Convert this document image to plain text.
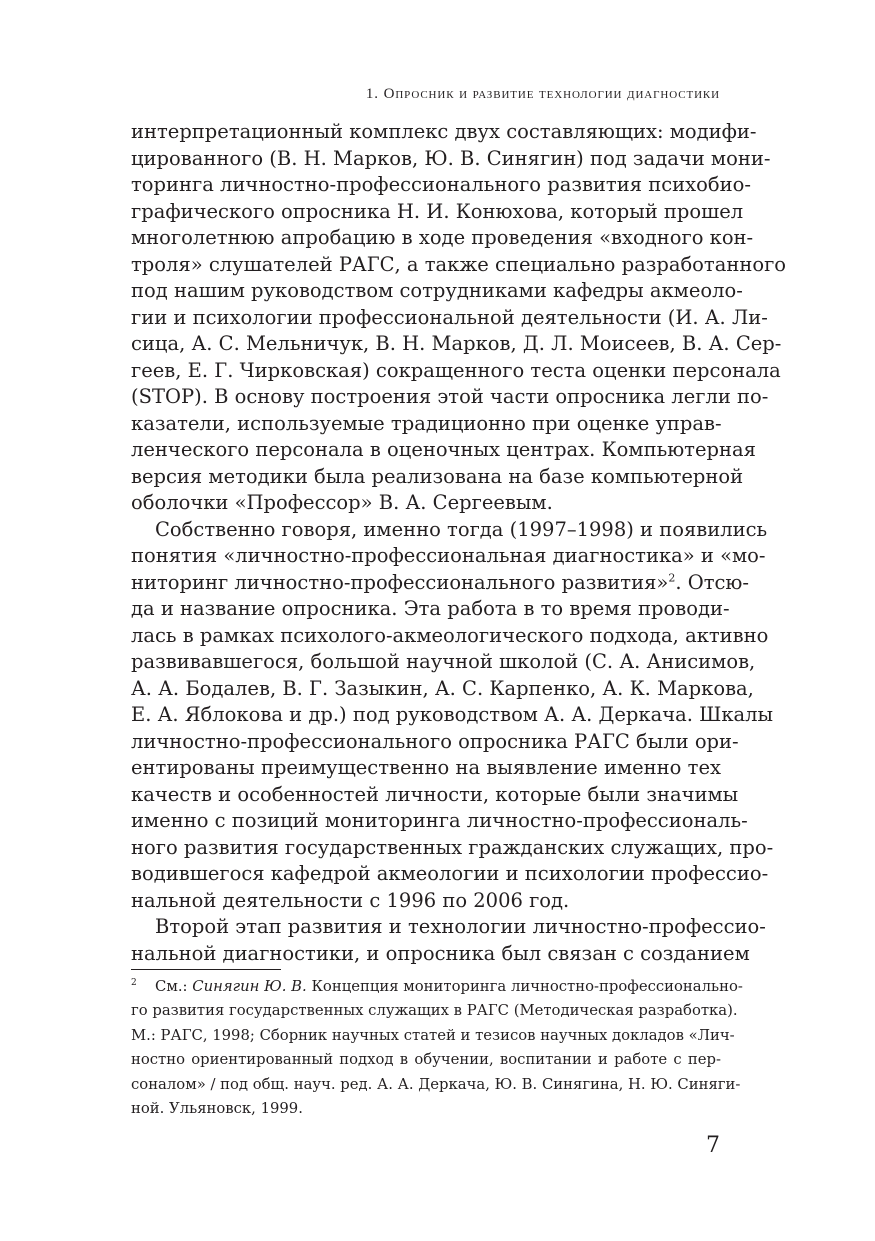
1. Опросник и развитие технологии диагностики
интерпретационный комплекс двух составляющих: модифи-
цированного (В. Н. Марков, Ю. В. Синягин) под задачи мони-
торинга личностно-профессионального развития психобио-
графического опросника Н. И. Конюхова, который прошел
многолетнюю апробацию в ходе проведения «входного кон-
троля» слушателей РАГС, а также специально разработанного
под нашим руководством сотрудниками кафедры акмеоло-
гии и психологии профессиональной деятельности (И. А. Ли-
сица, А. С. Мельничук, В. Н. Марков, Д. Л. Моисеев, В. А. Сер-
геев, Е. Г. Чирковская) сокращенного теста оценки персонала
(STOP). В основу построения этой части опросника легли по-
казатели, используемые традиционно при оценке управ-
ленческого персонала в оценочных центрах. Компьютерная
версия методики была реализована на базе компьютерной
оболочки «Профессор» В. А. Сергеевым.
Собственно говоря, именно тогда (1997–1998) и появились
понятия «личностно-профессиональная диагностика» и «мо-
ниторинг личностно-профессионального развития»$^2$. Отсю-
да и название опросника. Эта работа в то время проводи-
лась в рамках психолого-акмеологического подхода, активно
развивавшегося, большой научной школой (С. А. Анисимов,
А. А. Бодалев, В. Г. Зазыкин, А. С. Карпенко, А. К. Маркова,
Е. А. Яблокова и др.) под руководством А. А. Деркача. Шкалы
личностно-профессионального опросника РАГС были ори-
ентированы преимущественно на выявление именно тех
качеств и особенностей личности, которые были значимы
именно с позиций мониторинга личностно-профессиональ-
ного развития государственных гражданских служащих, про-
водившегося кафедрой акмеологии и психологии профессио-
нальной деятельности с 1996 по 2006 год.
Второй этап развития и технологии личностно-профессио-
нальной диагностики, и опросника был связан с созданием
2	См.: Синягин Ю. В. Концепция мониторинга личностно-профессионально-
го развития государственных служащих в РАГС (Методическая разработка).
М.: РАГС, 1998; Сборник научных статей и тезисов научных докладов «Лич-
ностно ориентированный подход в обучении, воспитании и работе с пер-
соналом» / под общ. науч. ред. А. А. Деркача, Ю. В. Синягина, Н. Ю. Синяги-
ной. Ульяновск, 1999.
7
